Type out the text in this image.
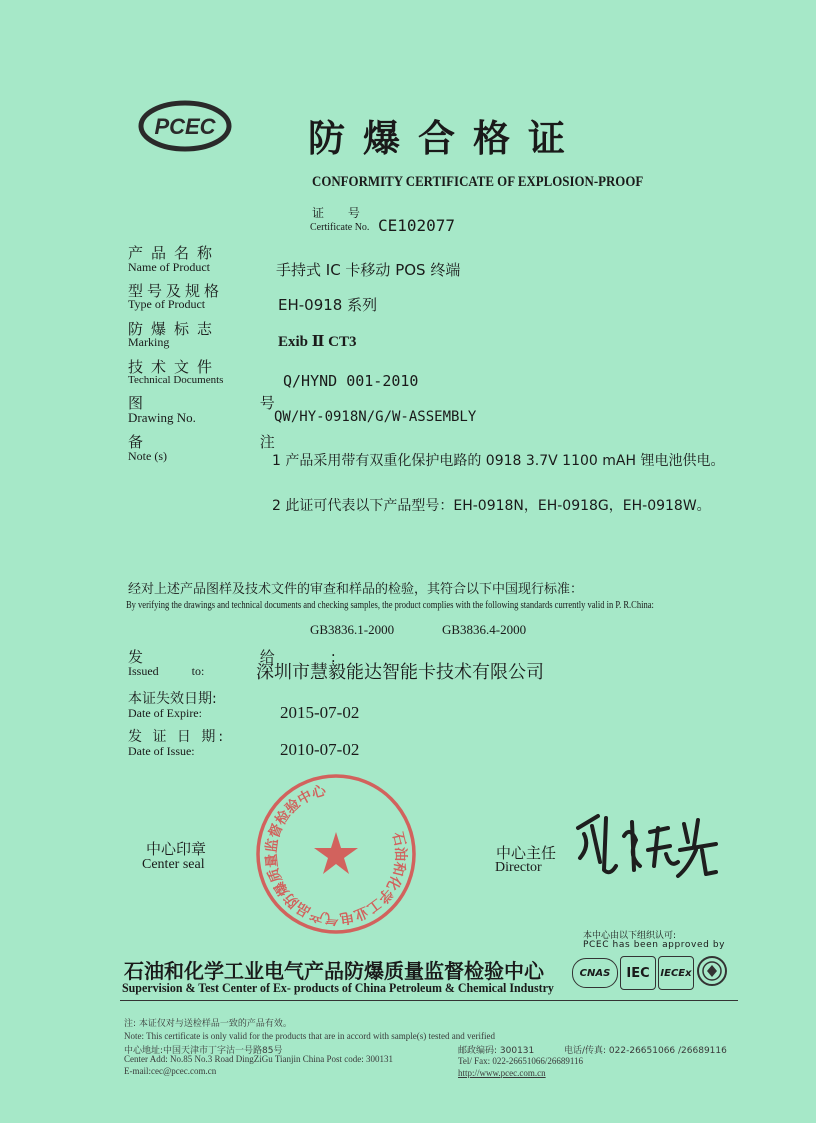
PCEC 防爆合格证
CONFORMITY CERTIFICATE OF EXPLOSION-PROOF
证 号
Certificate No. CE102077
产品名称
Name of Product	手持式 IC 卡移动 POS 终端
型号及规格
Type of Product	EH-0918 系列
防爆标志
Marking	Exib Ⅱ CT3
技术文件
Technical Documents	Q/HYND 001-2010
图 号
Drawing No.	QW/HY-0918N/G/W-ASSEMBLY
备 注
Note (s)	1 产品采用带有双重化保护电路的 0918 3.7V 1100 mAH 锂电池供电。
2 此证可代表以下产品型号：EH-0918N，EH-0918G，EH-0918W。
经对上述产品图样及技术文件的审查和样品的检验，其符合以下中国现行标准：
By verifying the drawings and technical documents and checking samples, the product complies with the following standards currently valid in P. R.China:
GB3836.1-2000	GB3836.4-2000
发 给:
Issued to:	深圳市慧毅能达智能卡技术有限公司
本证失效日期:
Date of Expire:	2015-07-02
发 证 日 期:
Date of Issue:	2010-07-02
中心印章
Center seal
石油和化学工业电气产品防爆质量监督检验中心
中心主任
Director
本中心由以下组织认可:
PCEC has been approved by
CNAS	IEC	IECEx
石油和化学工业电气产品防爆质量监督检验中心
Supervision & Test Center of Ex- products of China Petroleum & Chemical Industry
注: 本证仅对与送检样品一致的产品有效。
Note: This certificate is only valid for the products that are in accord with sample(s) tested and verified
中心地址:中国天津市丁字沽一号路85号
Center Add: No.85 No.3 Road DingZiGu Tianjin China Post code: 300131
E-mail:cec@pcec.com.cn
邮政编码: 300131	电话/传真: 022-26651066 /26689116
Tel/ Fax: 022-26651066/26689116
http://www.pcec.com.cn
